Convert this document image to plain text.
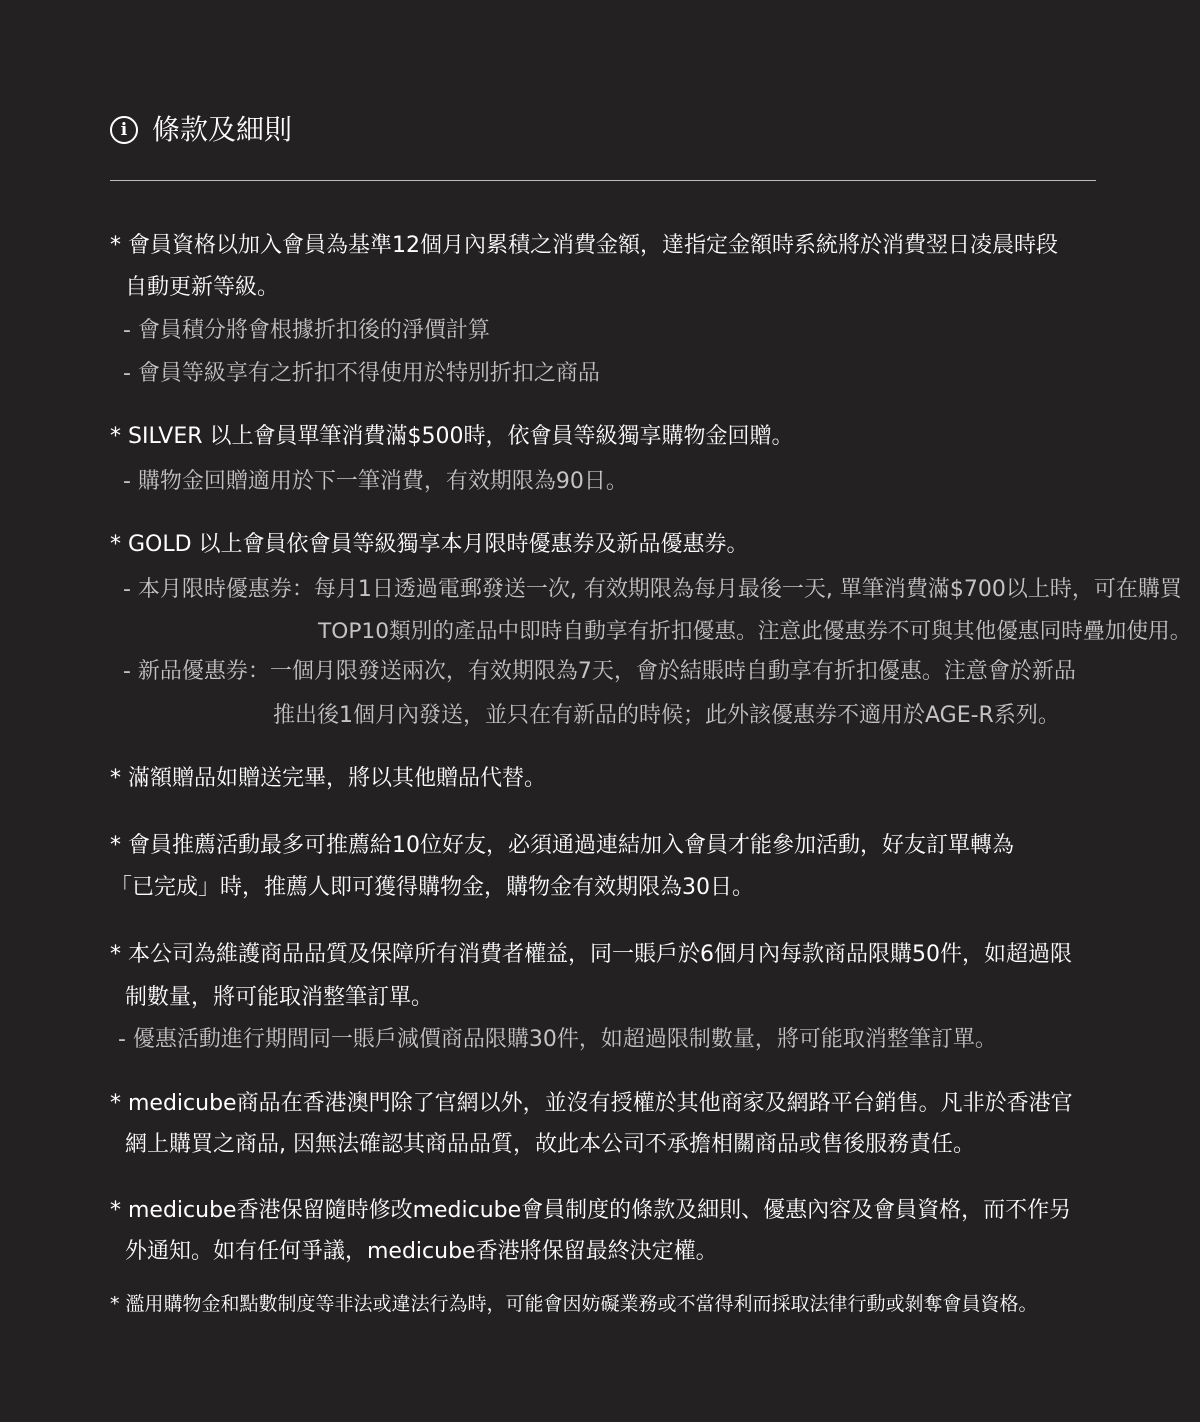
i 條款及細則
* 會員資格以加入會員為基準12個月內累積之消費金額，達指定金額時系統將於消費翌日凌晨時段
自動更新等級。
- 會員積分將會根據折扣後的淨價計算
- 會員等級享有之折扣不得使用於特別折扣之商品
* SILVER 以上會員單筆消費滿$500時，依會員等級獨享購物金回贈。
- 購物金回贈適用於下一筆消費，有效期限為90日。
* GOLD 以上會員依會員等級獨享本月限時優惠券及新品優惠券。
- 本月限時優惠券：每月1日透過電郵發送一次, 有效期限為每月最後一天, 單筆消費滿$700以上時，可在購買
TOP10類別的產品中即時自動享有折扣優惠。注意此優惠券不可與其他優惠同時疊加使用。
- 新品優惠券：一個月限發送兩次，有效期限為7天，會於結賬時自動享有折扣優惠。注意會於新品
推出後1個月內發送，並只在有新品的時候；此外該優惠券不適用於AGE-R系列。
* 滿額贈品如贈送完畢，將以其他贈品代替。
* 會員推薦活動最多可推薦給10位好友，必須通過連結加入會員才能參加活動，好友訂單轉為
「已完成」時，推薦人即可獲得購物金，購物金有效期限為30日。
* 本公司為維護商品品質及保障所有消費者權益，同一賬戶於6個月內每款商品限購50件，如超過限
制數量，將可能取消整筆訂單。
- 優惠活動進行期間同一賬戶減價商品限購30件，如超過限制數量，將可能取消整筆訂單。
* medicube商品在香港澳門除了官網以外，並沒有授權於其他商家及網路平台銷售。凡非於香港官
網上購買之商品, 因無法確認其商品品質，故此本公司不承擔相關商品或售後服務責任。
* medicube香港保留隨時修改medicube會員制度的條款及細則、優惠內容及會員資格，而不作另
外通知。如有任何爭議，medicube香港將保留最終決定權。
* 濫用購物金和點數制度等非法或違法行為時，可能會因妨礙業務或不當得利而採取法律行動或剝奪會員資格。
